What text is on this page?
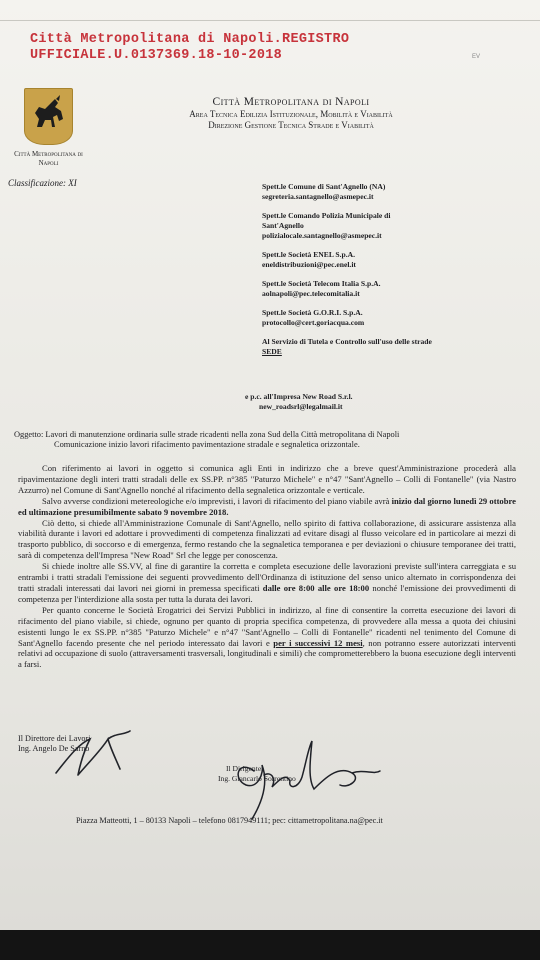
Città Metropolitana di Napoli.REGISTRO
UFFICIALE.U.0137369.18-10-2018	EV
Città Metropolitana di Napoli
Città Metropolitana di Napoli
Area Tecnica Edilizia Istituzionale, Mobilità e Viabilità
Direzione Gestione Tecnica Strade e Viabilità
Classificazione: XI	Spett.le Comune di Sant'Agnello (NA)
segreteria.santagnello@asmepec.it
Spett.le Comando Polizia Municipale di Sant'Agnello
polizialocale.santagnello@asmepec.it
Spett.le Società ENEL S.p.A.
eneldistribuzioni@pec.enel.it
Spett.le Società Telecom Italia S.p.A.
aolnapoli@pec.telecomitalia.it
Spett.le Società G.O.R.I. S.p.A.
protocollo@cert.goriacqua.com
Al Servizio di Tutela e Controllo sull'uso delle strade
SEDE
e p.c. all'Impresa New Road S.r.l.
new_roadsrl@legalmail.it
Oggetto: Lavori di manutenzione ordinaria sulle strade ricadenti nella zona Sud della Città metropolitana di Napoli
Comunicazione inizio lavori rifacimento pavimentazione stradale e segnaletica orizzontale.

Con riferimento ai lavori in oggetto si comunica agli Enti in indirizzo che a breve quest'Amministrazione procederà alla ripavimentazione degli interi tratti stradali delle ex SS.PP. n°385 "Paturzo Michele" e n°47 "Sant'Agnello – Colli di Fontanelle" (via Nastro Azzurro) nel Comune di Sant'Agnello nonché al rifacimento della segnaletica orizzontale e verticale.

Salvo avverse condizioni metereologiche e/o imprevisti, i lavori di rifacimento del piano viabile avrà inizio dal giorno lunedì 29 ottobre ed ultimazione presumibilmente sabato 9 novembre 2018.

Ciò detto, si chiede all'Amministrazione Comunale di Sant'Agnello, nello spirito di fattiva collaborazione, di assicurare assistenza alla viabilità durante i lavori ed adottare i provvedimenti di competenza finalizzati ad evitare disagi al flusso veicolare ed in particolare ai mezzi di trasporto pubblico, di soccorso e di emergenza, fermo restando che la segnaletica temporanea e per deviazioni o chiusure temporanee dei tratti, sarà di competenza dell'Impresa "New Road" Srl che legge per conoscenza.

Si chiede inoltre alle SS.VV, al fine di garantire la corretta e completa esecuzione delle lavorazioni previste sull'intera carreggiata e su entrambi i tratti stradali l'emissione dei seguenti provvedimento dell'Ordinanza di istituzione del senso unico alternato in corrispondenza dei tratti stradali interessati dai lavori nei giorni in premessa specificati dalle ore 8:00 alle ore 18:00 nonché l'emissione dei provvedimenti di competenza per l'interdizione alla sosta per tutta la durata dei lavori.

Per quanto concerne le Società Erogatrici dei Servizi Pubblici in indirizzo, al fine di consentire la corretta esecuzione dei lavori di rifacimento del piano viabile, si chiede, ognuno per quanto di propria specifica competenza, di provvedere alla messa a quota dei chiusini esistenti lungo le ex SS.PP. n°385 "Paturzo Michele" e n°47 "Sant'Agnello – Colli di Fontanelle" ricadenti nel tenimento del Comune di Sant'Agnello facendo presente che nel periodo interessato dai lavori e per i successivi 12 mesi, non potranno essere autorizzati interventi relativi ad occupazione di suolo (attraversamenti trasversali, longitudinali e simili) che comprometterebbero la buona esecuzione degli interventi a farsi.

Il Direttore dei Lavori
Ing. Angelo De Sarno
Il Dirigente
Ing. Giancarlo Sorrentino
Piazza Matteotti, 1 – 80133 Napoli – telefono 0817949111; pec: cittametropolitana.na@pec.it
